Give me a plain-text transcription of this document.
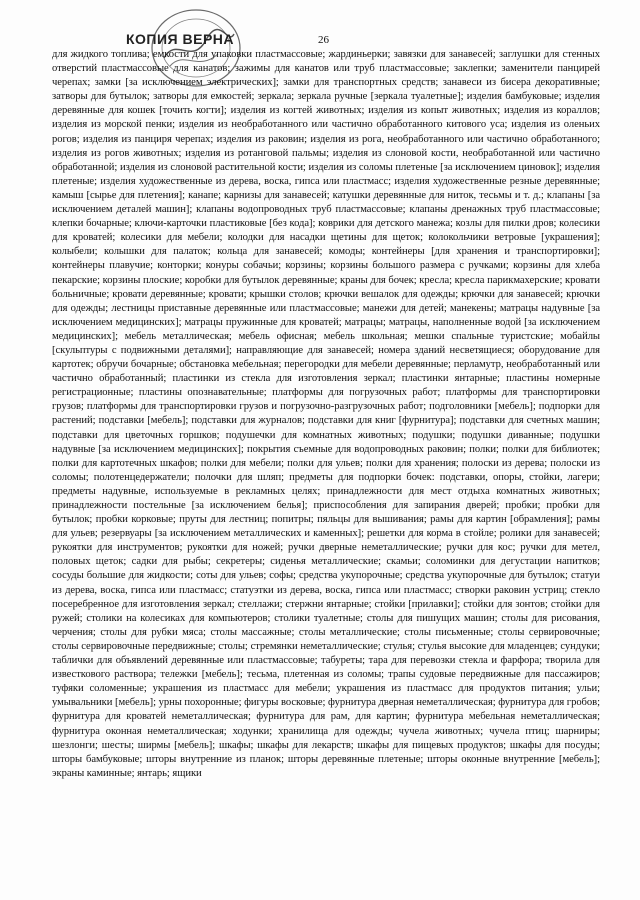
КОПИЯ ВЕРНА	26
для жидкого топлива; емкости для упаковки пластмассовые; жардиньерки; завязки для занавесей; заглушки для стенных отверстий пластмассовые для канатов; зажимы для канатов или труб пластмассовые; заклепки; заменители панцирей черепах; замки [за исключением электрических]; замки для транспортных средств; занавеси из бисера декоративные; затворы для бутылок; затворы для емкостей; зеркала; зеркала ручные [зеркала туалетные]; изделия бамбуковые; изделия деревянные для кошек [точить когти]; изделия из когтей животных; изделия из копыт животных; изделия из кораллов; изделия из морской пенки; изделия из необработанного или частично обработанного китового уса; изделия из оленьих рогов; изделия из панциря черепах; изделия из раковин; изделия из рога, необработанного или частично обработанного; изделия из рогов животных; изделия из ротанговой пальмы; изделия из слоновой кости, необработанной или частично обработанной; изделия из слоновой растительной кости; изделия из соломы плетеные [за исключением циновок]; изделия плетеные; изделия художественные из дерева, воска, гипса или пластмасс; изделия художественные резные деревянные; камыш [сырье для плетения]; канапе; карнизы для занавесей; катушки деревянные для ниток, тесьмы и т. д.; клапаны [за исключением деталей машин]; клапаны водопроводных труб пластмассовые; клапаны дренажных труб пластмассовые; клепки бочарные; ключи-карточки пластиковые [без кода]; коврики для детского манежа; козлы для пилки дров; колесики для кроватей; колесики для мебели; колодки для насадки щетины для щеток; колокольчики ветровые [украшения]; колыбели; колышки для палаток; кольца для занавесей; комоды; контейнеры [для хранения и транспортировки]; контейнеры плавучие; конторки; конуры собачьи; корзины; корзины большого размера с ручками; корзины для хлеба пекарские; корзины плоские; коробки для бутылок деревянные; краны для бочек; кресла; кресла парикмахерские; кровати больничные; кровати деревянные; кровати; крышки столов; крючки вешалок для одежды; крючки для занавесей; крючки для одежды; лестницы приставные деревянные или пластмассовые; манежи для детей; манекены; матрацы надувные [за исключением медицинских]; матрацы пружинные для кроватей; матрацы; матрацы, наполненные водой [за исключением медицинских]; мебель металлическая; мебель офисная; мебель школьная; мешки спальные туристские; мобайлы [скульптуры с подвижными деталями]; направляющие для занавесей; номера зданий несветящиеся; оборудование для картотек; обручи бочарные; обстановка мебельная; перегородки для мебели деревянные; перламутр, необработанный или частично обработанный; пластинки из стекла для изготовления зеркал; пластинки янтарные; пластины номерные регистрационные; пластины опознавательные; платформы для погрузочных работ; платформы для транспортировки грузов; платформы для транспортировки грузов и погрузочно-разгрузочных работ; подголовники [мебель]; подпорки для растений; подставки [мебель]; подставки для журналов; подставки для книг [фурнитура]; подставки для счетных машин; подставки для цветочных горшков; подушечки для комнатных животных; подушки; подушки диванные; подушки надувные [за исключением медицинских]; покрытия съемные для водопроводных раковин; полки; полки для библиотек; полки для картотечных шкафов; полки для мебели; полки для ульев; полки для хранения; полоски из дерева; полоски из соломы; полотенцедержатели; полочки для шляп; предметы для подпорки бочек: подставки, опоры, стойки, лагери; предметы надувные, используемые в рекламных целях; принадлежности для мест отдыха комнатных животных; принадлежности постельные [за исключением белья]; приспособления для запирания дверей; пробки; пробки для бутылок; пробки корковые; пруты для лестниц; попитры; пяльцы для вышивания; рамы для картин [обрамления]; рамы для ульев; резервуары [за исключением металлических и каменных]; решетки для корма в стойле; ролики для занавесей; рукоятки для инструментов; рукоятки для ножей; ручки дверные неметаллические; ручки для кос; ручки для метел, половых щеток; садки для рыбы; секретеры; сиденья металлические; скамьи; соломинки для дегустации напитков; сосуды большие для жидкости; соты для ульев; софы; средства укупорочные; средства укупорочные для бутылок; статуи из дерева, воска, гипса или пластмасс; статуэтки из дерева, воска, гипса или пластмасс; створки раковин устриц; стекло посеребренное для изготовления зеркал; стеллажи; стержни янтарные; стойки [прилавки]; стойки для зонтов; стойки для ружей; столики на колесиках для компьютеров; столики туалетные; столы для пишущих машин; столы для рисования, черчения; столы для рубки мяса; столы массажные; столы металлические; столы письменные; столы сервировочные; столы сервировочные передвижные; столы; стремянки неметаллические; стулья; стулья высокие для младенцев; сундуки; таблички для объявлений деревянные или пластмассовые; табуреты; тара для перевозки стекла и фарфора; творила для известкового раствора; тележки [мебель]; тесьма, плетенная из соломы; трапы судовые передвижные для пассажиров; туфяки соломенные; украшения из пластмасс для мебели; украшения из пластмасс для продуктов питания; ульи; умывальники [мебель]; урны похоронные; фигуры восковые; фурнитура дверная неметаллическая; фурнитура для гробов; фурнитура для кроватей неметаллическая; фурнитура для рам, для картин; фурнитура мебельная неметаллическая; фурнитура оконная неметаллическая; ходунки; хранилища для одежды; чучела животных; чучела птиц; шарниры; шезлонги; шесты; ширмы [мебель]; шкафы; шкафы для лекарств; шкафы для пищевых продуктов; шкафы для посуды; шторы бамбуковые; шторы внутренние из планок; шторы деревянные плетеные; шторы оконные внутренние [мебель]; экраны каминные; янтарь; ящики
